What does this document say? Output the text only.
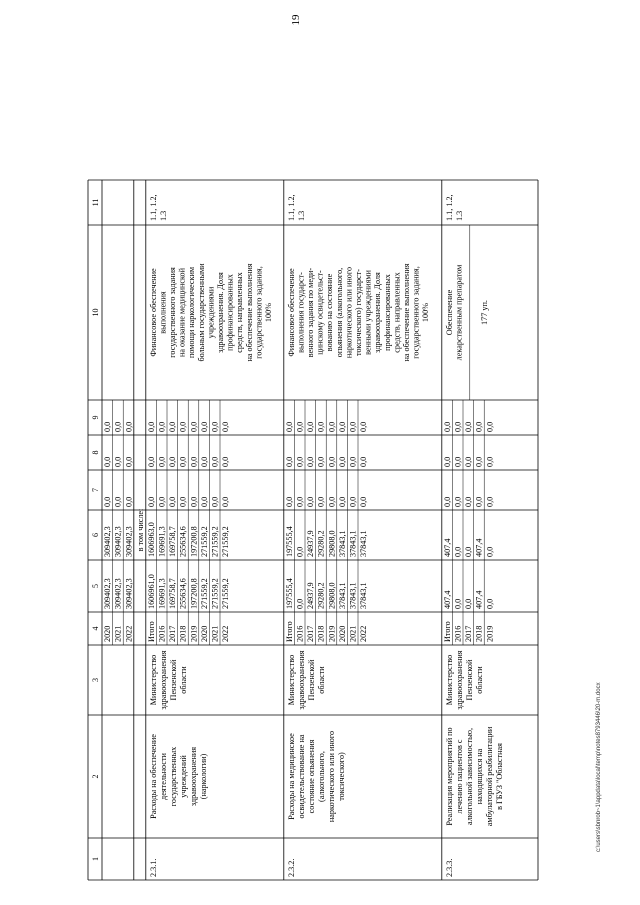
19
c:\users\sbnrob~1\appdata\local\temp\notes8793446\20-m.docx
1
2
3
4
5
6
7
8
9
10
11
2020
309402,3
309402,3
0,0
0,0
0,0
2021
309402,3
309402,3
0,0
0,0
0,0
2022
309402,3
309402,3
0,0
0,0
0,0
в том числе:
Итого
1606961,0
1606963,0
0,0
0,0
0,0
2016
169691,3
169691,3
0,0
0,0
0,0
2017
169758,7
169758,7
0,0
0,0
0,0
2018
255634,6
255634,6
0,0
0,0
0,0
2019
197200,8
197200,8
0,0
0,0
0,0
2020
271559,2
271559,2
0,0
0,0
0,0
2021
271559,2
271559,2
0,0
0,0
0,0
2022
271559,2
271559,2
0,0
0,0
0,0
2.3.1.
Расходы на обеспечение деятельности государственных учреждений здравоохранения (наркологии)
Министерство здравоохранения Пензенской области
Финансовое обеспечение выполнения государственного задания на оказание медицинской помощи наркологическим больным государственными учреждениями здравоохранения. Доля профинансированных средств, направленных на обеспечение выполнения государственного задания, 100%
1.1, 1.2, 1.3
Итого
197555,4
197555,4
0,0
0,0
0,0
2016
0,0
0,0
0,0
0,0
0,0
2017
24937,9
24937,9
0,0
0,0
0,0
2018
29280,2
29280,2
0,0
0,0
0,0
2019
29808,0
29808,0
0,0
0,0
0,0
2020
37843,1
37843,1
0,0
0,0
0,0
2021
37843,1
37843,1
0,0
0,0
0,0
2022
37843,1
37843,1
0,0
0,0
0,0
2.3.2.
Расходы на медицинское освидетельствование на состояние опьянения (алкогольного, наркотического или иного токсического)
Министерство здравоохранения Пензенской области
Финансовое обеспечение выполнения государст- венного задания по меди- цинскому освидетельст- вованию на состояние опьянения (алкогольного, наркотического или иного токсического) государст- венными учреждениями здравоохранения. Доля профинансированных средств, направленных на обеспечение выполнения государственного задания, 100%
1.1, 1.2, 1.3
Итого
407,4
407,4
0,0
0,0
0,0
2016
0,0
0,0
0,0
0,0
0,0
2017
0,0
0,0
0,0
0,0
0,0
2018
407,4
407,4
0,0
0,0
0,0
2019
0,0
0,0
0,0
0,0
0,0
2.3.3.
Реализация мероприятий по лечению пациентов с алкогольной зависимостью, находящихся на амбулаторной реабилитации в ГБУЗ "Областная
Министерство здравоохранения Пензенской области
Обеспечение лекарственным препаратом 177 уп.
1.1, 1.2, 1.3
